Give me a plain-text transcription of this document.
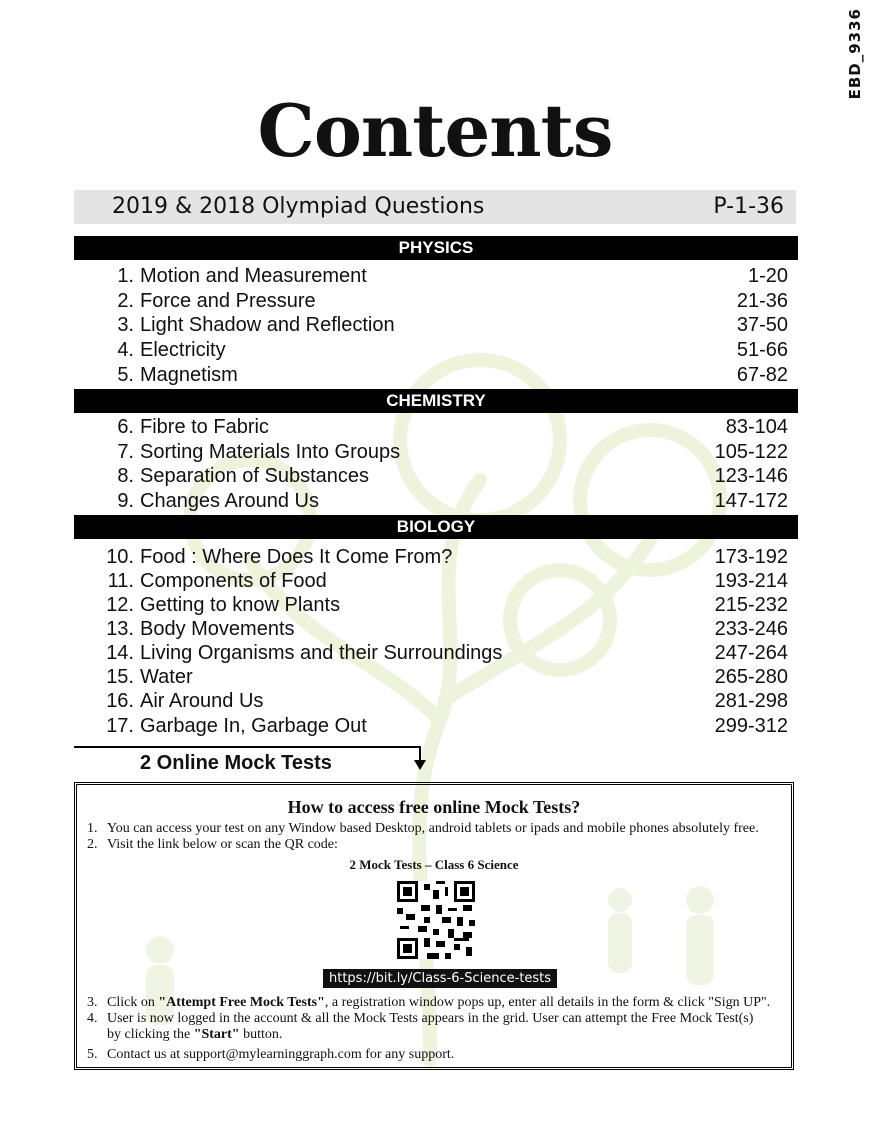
EBD_9336
Contents
2019 & 2018 Olympiad Questions	P-1-36
PHYSICS
1. Motion and Measurement	1-20
2. Force and Pressure	21-36
3. Light Shadow and Reflection	37-50
4. Electricity	51-66
5. Magnetism	67-82
CHEMISTRY
6. Fibre to Fabric	83-104
7. Sorting Materials Into Groups	105-122
8. Separation of Substances	123-146
9. Changes Around Us	147-172
BIOLOGY
10. Food : Where Does It Come From?	173-192
11. Components of Food	193-214
12. Getting to know Plants	215-232
13. Body Movements	233-246
14. Living Organisms and their Surroundings	247-264
15. Water	265-280
16. Air Around Us	281-298
17. Garbage In, Garbage Out	299-312
2 Online Mock Tests
How to access free online Mock Tests?
1. You can access your test on any Window based Desktop, android tablets or ipads and mobile phones absolutely free.
2. Visit the link below or scan the QR code:
2 Mock Tests – Class 6 Science
https://bit.ly/Class-6-Science-tests
3. Click on "Attempt Free Mock Tests", a registration window pops up, enter all details in the form & click "Sign UP".
4. User is now logged in the account & all the Mock Tests appears in the grid. User can attempt the Free Mock Test(s)
by clicking the "Start" button.
5. Contact us at support@mylearninggraph.com for any support.
